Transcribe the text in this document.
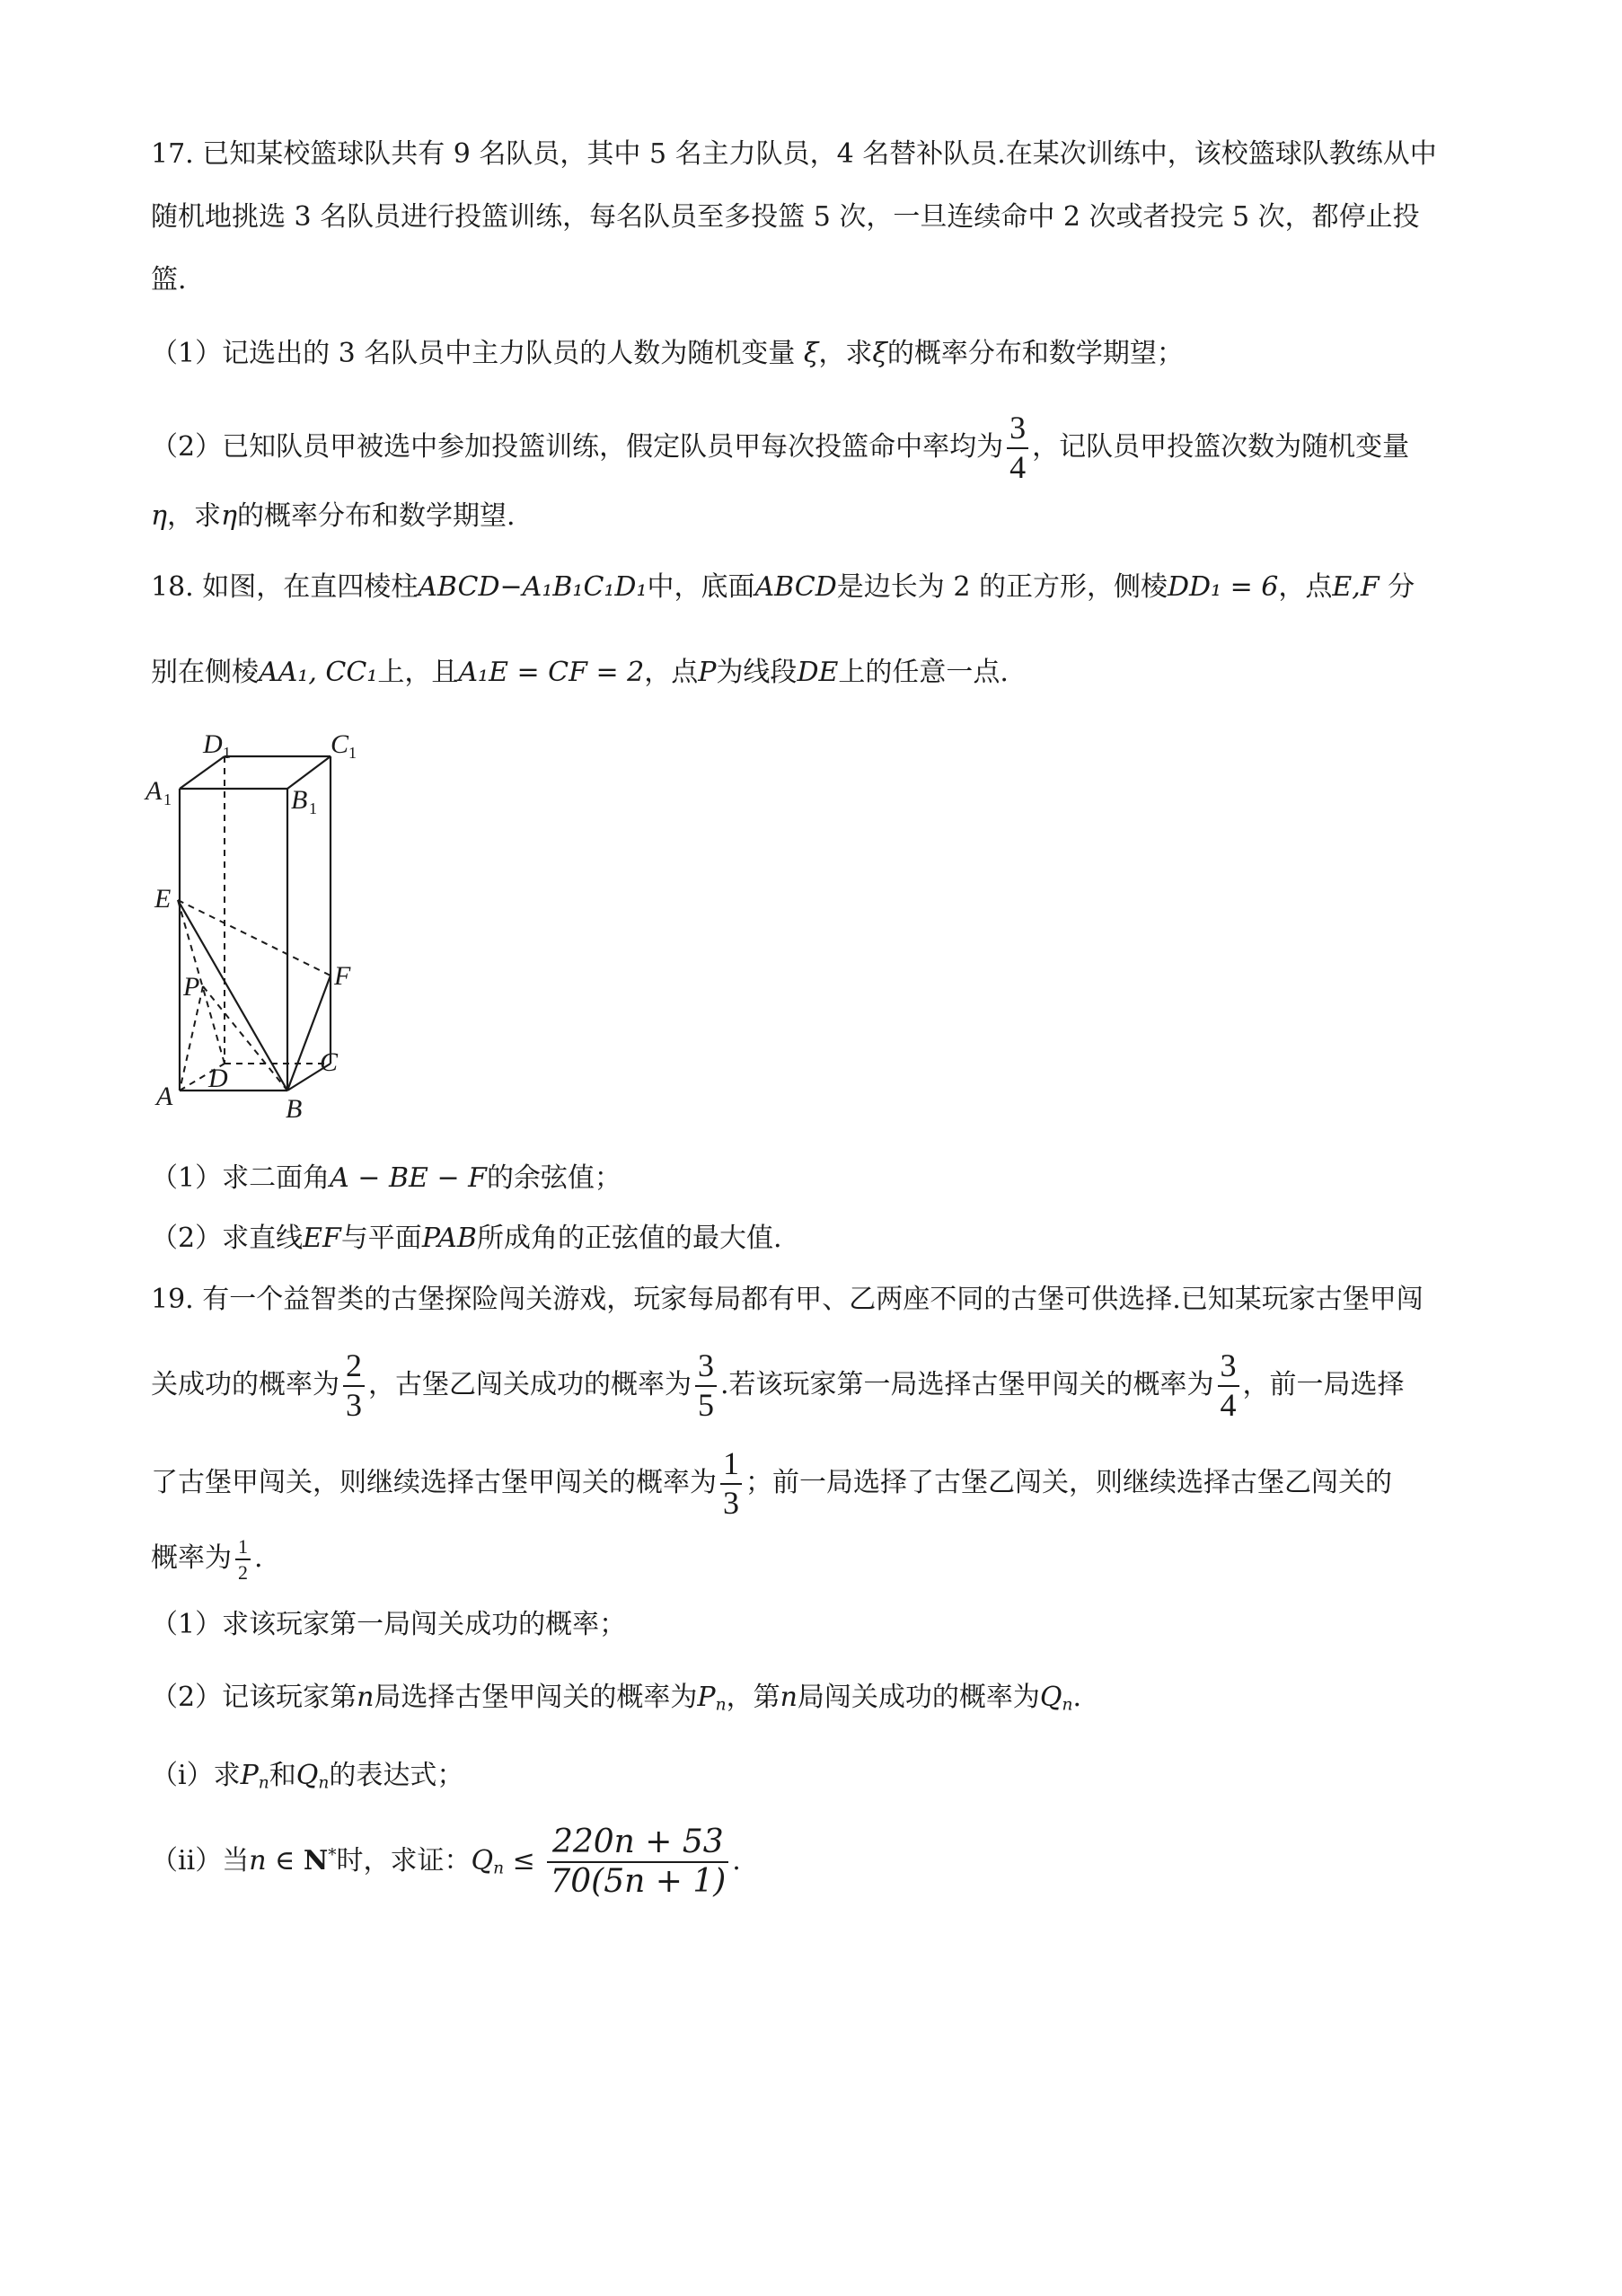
17. 已知某校篮球队共有 9 名队员，其中 5 名主力队员，4 名替补队员.在某次训练中，该校篮球队教练从中
随机地挑选 3 名队员进行投篮训练，每名队员至多投篮 5 次，一旦连续命中 2 次或者投完 5 次，都停止投
篮.
（1）记选出的 3 名队员中主力队员的人数为随机变量 ξ，求ξ的概率分布和数学期望；
（2）已知队员甲被选中参加投篮训练，假定队员甲每次投篮命中率均为 $\frac{3}{4}$ ，记队员甲投篮次数为随机变量
η，求η的概率分布和数学期望.
18. 如图，在直四棱柱ABCD−A₁B₁C₁D₁中，底面ABCD是边长为 2 的正方形，侧棱DD₁ = 6，点E,F 分
别在侧棱AA₁, CC₁上，且A₁E = CF = 2，点P为线段DE上的任意一点.
D 1	C 1
A 1	B 1
E
F
P
C
D
A	B
（1）求二面角A − BE − F的余弦值；
（2）求直线EF与平面PAB所成角的正弦值的最大值.
19. 有一个益智类的古堡探险闯关游戏，玩家每局都有甲、乙两座不同的古堡可供选择.已知某玩家古堡甲闯
关成功的概率为 $\frac{2}{3}$ ，古堡乙闯关成功的概率为 $\frac{3}{5}$ .若该玩家第一局选择古堡甲闯关的概率为 $\frac{3}{4}$ ，前一局选择
了古堡甲闯关，则继续选择古堡甲闯关的概率为 $\frac{1}{3}$ ；前一局选择了古堡乙闯关，则继续选择古堡乙闯关的
概率为 $\frac{1}{2}$ .
（1）求该玩家第一局闯关成功的概率；
（2）记该玩家第n局选择古堡甲闯关的概率为$P_n$，第n局闯关成功的概率为$Q_n$.
（i）求$P_n$和$Q_n$的表达式；
（ii）当n ∈ N*时，求证：$Q_n \le \frac{220n + 53}{70(5n + 1)}$ .
